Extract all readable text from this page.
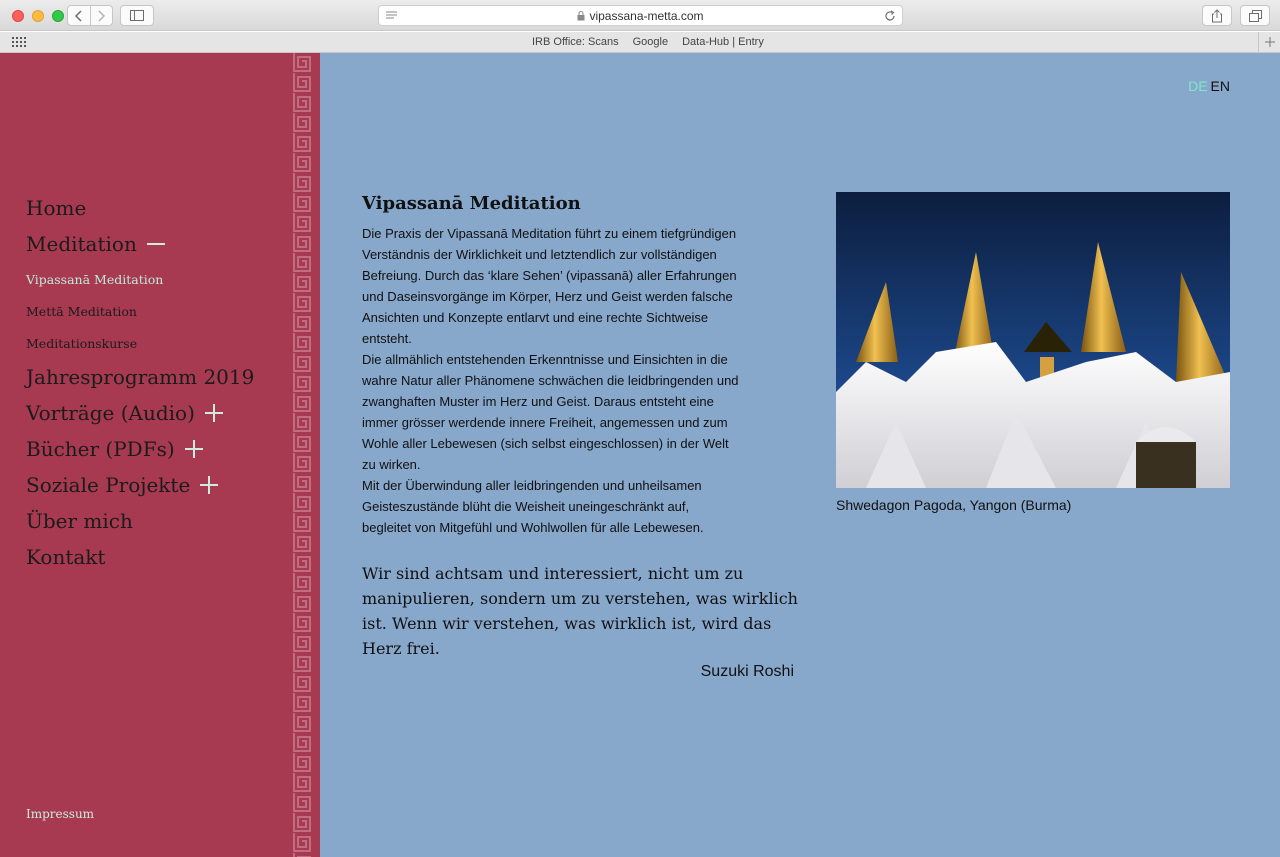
vipassana-metta.com
IRB Office: Scans Google Data-Hub | Entry
Home
Meditation
Vipassanā Meditation
Mettā Meditation
Meditationskurse
Jahresprogramm 2019
Vorträge (Audio)
Bücher (PDFs)
Soziale Projekte
Über mich
Kontakt
Impressum
DE EN
Vipassanā Meditation
Die Praxis der Vipassanā Meditation führt zu einem tiefgründigen
Verständnis der Wirklichkeit und letztendlich zur vollständigen
Befreiung. Durch das ‘klare Sehen’ (vipassanā) aller Erfahrungen
und Daseinsvorgänge im Körper, Herz und Geist werden falsche
Ansichten und Konzepte entlarvt und eine rechte Sichtweise
entsteht.
Die allmählich entstehenden Erkenntnisse und Einsichten in die
wahre Natur aller Phänomene schwächen die leidbringenden und
zwanghaften Muster im Herz und Geist. Daraus entsteht eine
immer grösser werdende innere Freiheit, angemessen und zum
Wohle aller Lebewesen (sich selbst eingeschlossen) in der Welt
zu wirken.
Mit der Überwindung aller leidbringenden und unheilsamen
Geisteszustände blüht die Weisheit uneingeschränkt auf,
begleitet von Mitgefühl und Wohlwollen für alle Lebewesen.
Wir sind achtsam und interessiert, nicht um zu manipulieren, sondern um zu verstehen, was wirklich ist. Wenn wir verstehen, was wirklich ist, wird das Herz frei.
Suzuki Roshi
Shwedagon Pagoda, Yangon (Burma)
